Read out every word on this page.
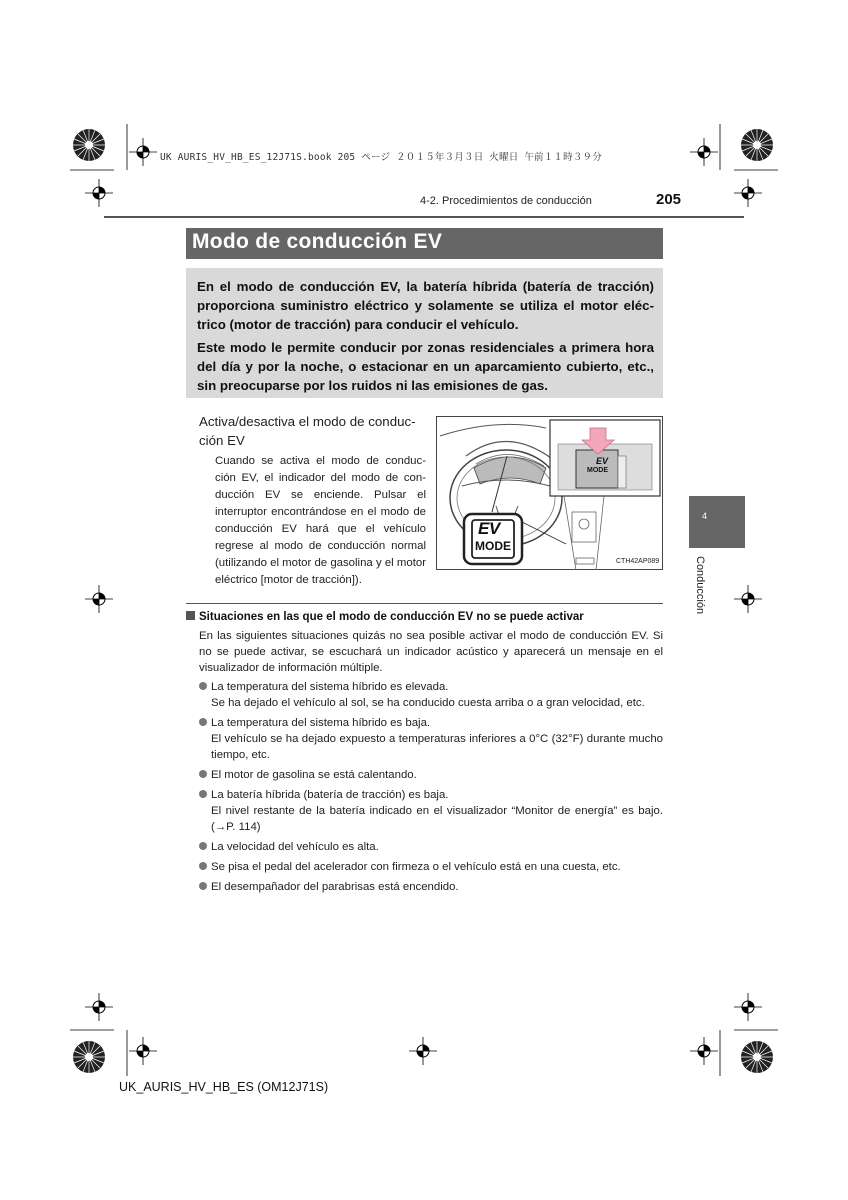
UK AURIS_HV_HB_ES_12J71S.book 205 ページ ２０１５年３月３日 火曜日 午前１１時３９分
4-2. Procedimientos de conducción	205
Modo de conducción EV
En el modo de conducción EV, la batería híbrida (batería de tracción) proporciona suministro eléctrico y solamente se utiliza el motor eléc-trico (motor de tracción) para conducir el vehículo.
Este modo le permite conducir por zonas residenciales a primera hora del día y por la noche, o estacionar en un aparcamiento cubierto, etc., sin preocuparse por los ruidos ni las emisiones de gas.
4
Conducción
Activa/desactiva el modo de conduc-ción EV
Cuando se activa el modo de conduc-ción EV, el indicador del modo de con-ducción EV se enciende. Pulsar el interruptor encontrándose en el modo de conducción EV hará que el vehículo regrese al modo de conducción normal (utilizando el motor de gasolina y el motor eléctrico [motor de tracción]).
EV
MODE
EV
MODE
CTH42AP089
Situaciones en las que el modo de conducción EV no se puede activar
En las siguientes situaciones quizás no sea posible activar el modo de conducción EV. Si no se puede activar, se escuchará un indicador acústico y aparecerá un mensaje en el visualizador de información múltiple.
La temperatura del sistema híbrido es elevada.
Se ha dejado el vehículo al sol, se ha conducido cuesta arriba o a gran velocidad, etc.
La temperatura del sistema híbrido es baja.
El vehículo se ha dejado expuesto a temperaturas inferiores a 0°C (32°F) durante mucho tiempo, etc.
El motor de gasolina se está calentando.
La batería híbrida (batería de tracción) es baja.
El nivel restante de la batería indicado en el visualizador “Monitor de energía” es bajo. (→P. 114)
La velocidad del vehículo es alta.
Se pisa el pedal del acelerador con firmeza o el vehículo está en una cuesta, etc.
El desempañador del parabrisas está encendido.
UK_AURIS_HV_HB_ES (OM12J71S)
